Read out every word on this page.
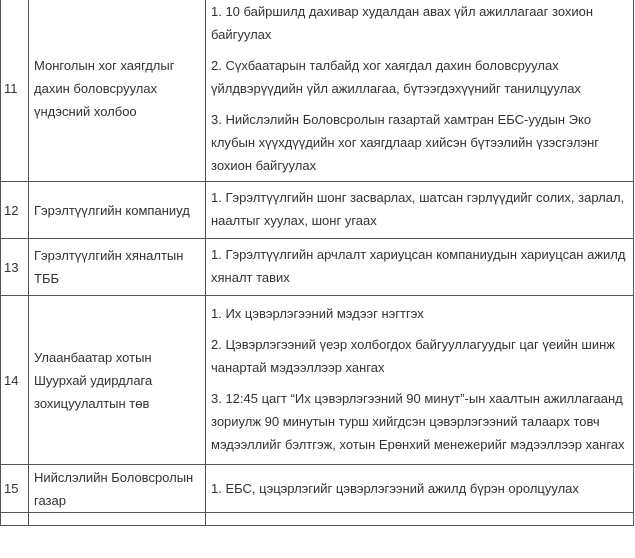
11	Монголын хог хаягдлыг дахин боловсруулах үндэсний холбоо	1. 10 байршилд дахивар худалдан авах үйл ажиллагааг зохион байгуулах
2. Сүхбаатарын талбайд хог хаягдал дахин боловсруулах үйлдвэрүүдийн үйл ажиллагаа, бүтээгдэхүүнийг танилцуулах
3. Нийслэлийн Боловсролын газартай хамтран ЕБС-уудын Эко клубын хүүхдүүдийн хог хаягдлаар хийсэн бүтээлийн үзэсгэлэнг зохион байгуулах

12	Гэрэлтүүлгийн компаниуд	1. Гэрэлтүүлгийн шонг засварлах, шатсан гэрлүүдийг солих, зарлал, наалтыг хуулах, шонг угаах

13	Гэрэлтүүлгийн хяналтын ТББ	1. Гэрэлтүүлгийн арчлалт хариуцсан компаниудын хариуцсан ажилд хяналт тавих

14	Улаанбаатар хотын Шуурхай удирдлага зохицуулалтын төв	1. Их цэвэрлэгээний мэдээг нэгтгэх
2. Цэвэрлэгээний үеэр холбогдох байгууллагуудыг цаг үеийн шинж чанартай мэдээллээр хангах
3. 12:45 цагт “Их цэвэрлэгээний 90 минут”-ын хаалтын ажиллагаанд зориулж 90 минутын турш хийгдсэн цэвэрлэгээний талаарх товч мэдээллийг бэлтгэж, хотын Ерөнхий менежерийг мэдээллээр хангах

15	Нийслэлийн Боловсролын газар	1. ЕБС, цэцэрлэгийг цэвэрлэгээний ажилд бүрэн оролцуулах
